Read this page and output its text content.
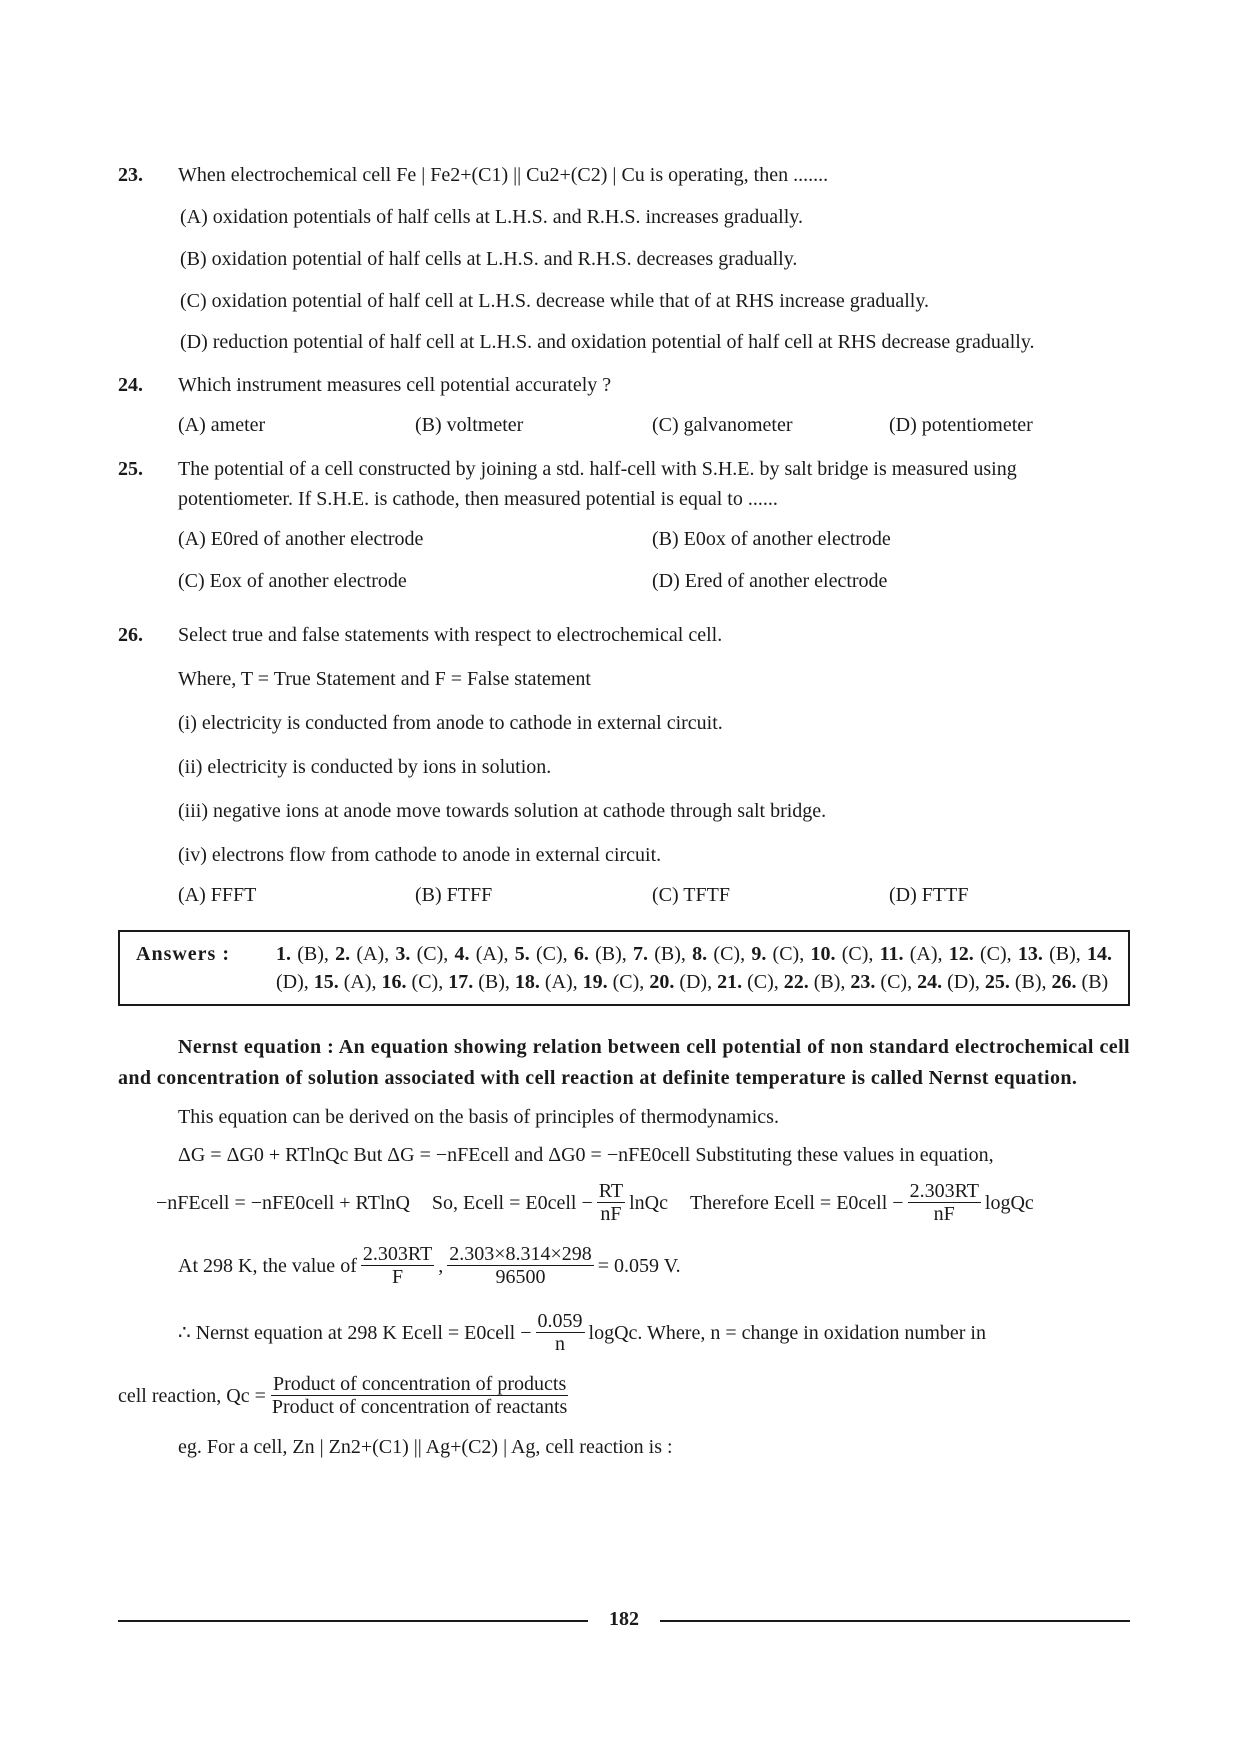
23. When electrochemical cell Fe | Fe2+(C1) || Cu2+(C2) | Cu is operating, then .......
(A) oxidation potentials of half cells at L.H.S. and R.H.S. increases gradually.
(B) oxidation potential of half cells at L.H.S. and R.H.S. decreases gradually.
(C) oxidation potential of half cell at L.H.S. decrease while that of at RHS increase gradually.
(D) reduction potential of half cell at L.H.S. and oxidation potential of half cell at RHS decrease gradually.
24. Which instrument measures cell potential accurately ?
(A) ameter	(B) voltmeter	(C) galvanometer	(D) potentiometer
25. The potential of a cell constructed by joining a std. half-cell with S.H.E. by salt bridge is measured using potentiometer. If S.H.E. is cathode, then measured potential is equal to ......
(A) E0red of another electrode	(B) E0ox of another electrode
(C) Eox of another electrode	(D) Ered of another electrode
26. Select true and false statements with respect to electrochemical cell.
Where, T = True Statement and F = False statement
(i) electricity is conducted from anode to cathode in external circuit.
(ii) electricity is conducted by ions in solution.
(iii) negative ions at anode move towards solution at cathode through salt bridge.
(iv) electrons flow from cathode to anode in external circuit.
(A) FFFT	(B) FTFF	(C) TFTF	(D) FTTF
Answers :	1. (B), 2. (A), 3. (C), 4. (A), 5. (C), 6. (B), 7. (B), 8. (C), 9. (C), 10. (C), 11. (A), 12. (C), 13. (B), 14. (D), 15. (A), 16. (C), 17. (B), 18. (A), 19. (C), 20. (D), 21. (C), 22. (B), 23. (C), 24. (D), 25. (B), 26. (B)
Nernst equation : An equation showing relation between cell potential of non standard electrochemical cell and concentration of solution associated with cell reaction at definite temperature is called Nernst equation.
This equation can be derived on the basis of principles of thermodynamics.
ΔG = ΔG0 + RTlnQc But ΔG = −nFEcell and ΔG0 = −nFE0cell Substituting these values in equation,
−nFEcell = −nFE0cell + RTlnQ So, Ecell = E0cell − $\frac{RT}{nF}$ lnQc Therefore Ecell = E0cell − $\frac{2.303RT}{nF}$ logQc
At 298 K, the value of $\frac{2.303RT}{F}$ , $\frac{2.303\times 8.314\times 298}{96500} = 0.059$ V.
∴ Nernst equation at 298 K Ecell = E0cell − $\frac{0.059}{n}$ logQc. Where, n = change in oxidation number in
cell reaction, $Qc = \frac{\text{Product of concentration of products}}{\text{Product of concentration of reactants}}$
eg. For a cell, Zn | Zn2+(C1) || Ag+(C2) | Ag, cell reaction is :
182
